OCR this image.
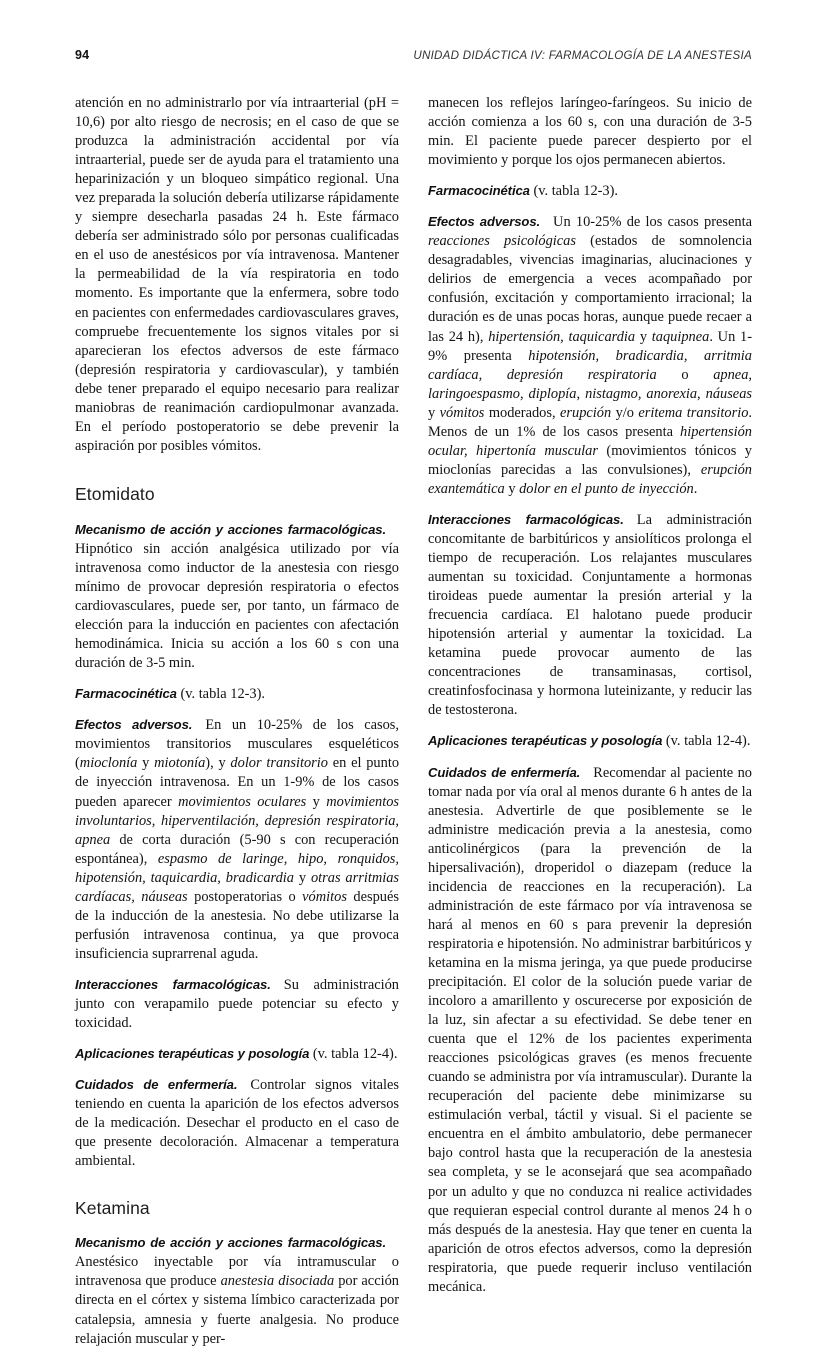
94	UNIDAD DIDÁCTICA IV: FARMACOLOGÍA DE LA ANESTESIA

atención en no administrarlo por vía intraarterial (pH = 10,6) por alto riesgo de necrosis; en el caso de que se produzca la administración accidental por vía intraarterial, puede ser de ayuda para el tratamiento una heparinización y un bloqueo simpático regional. Una vez preparada la solución debería utilizarse rápidamente y siempre desecharla pasadas 24 h. Este fármaco debería ser administrado sólo por personas cualificadas en el uso de anestésicos por vía intravenosa. Mantener la permeabilidad de la vía respiratoria en todo momento. Es importante que la enfermera, sobre todo en pacientes con enfermedades cardiovasculares graves, compruebe frecuentemente los signos vitales por si aparecieran los efectos adversos de este fármaco (depresión respiratoria y cardiovascular), y también debe tener preparado el equipo necesario para realizar maniobras de reanimación cardiopulmonar avanzada. En el período postoperatorio se debe prevenir la aspiración por posibles vómitos.

Etomidato

Mecanismo de acción y acciones farmacológicas.Hipnótico sin acción analgésica utilizado por vía intravenosa como inductor de la anestesia con riesgo mínimo de provocar depresión respiratoria o efectos cardiovasculares, puede ser, por tanto, un fármaco de elección para la inducción en pacientes con afectación hemodinámica. Inicia su acción a los 60 s con una duración de 3-5 min.

Farmacocinética (v. tabla 12-3).

Efectos adversos. En un 10-25% de los casos, movimientos transitorios musculares esqueléticos (mioclonía y miotonía), y dolor transitorio en el punto de inyección intravenosa. En un 1-9% de los casos pueden aparecer movimientos oculares y movimientos involuntarios, hiperventilación, depresión respiratoria, apnea de corta duración (5-90 s con recuperación espontánea), espasmo de laringe, hipo, ronquidos, hipotensión, taquicardia, bradicardia y otras arritmias cardíacas, náuseas postoperatorias o vómitos después de la inducción de la anestesia. No debe utilizarse la perfusión intravenosa continua, ya que provoca insuficiencia suprarrenal aguda.

Interacciones farmacológicas. Su administración junto con verapamilo puede potenciar su efecto y toxicidad.

Aplicaciones terapéuticas y posología (v. tabla 12-4).

Cuidados de enfermería. Controlar signos vitales teniendo en cuenta la aparición de los efectos adversos de la medicación. Desechar el producto en el caso de que presente decoloración. Almacenar a temperatura ambiental.

Ketamina

Mecanismo de acción y acciones farmacológicas.Anestésico inyectable por vía intramuscular o intravenosa que produce anestesia disociada por acción directa en el córtex y sistema límbico caracterizada por catalepsia, amnesia y fuerte analgesia. No produce relajación muscular y per-

manecen los reflejos laríngeo-faríngeos. Su inicio de acción comienza a los 60 s, con una duración de 3-5 min. El paciente puede parecer despierto por el movimiento y porque los ojos permanecen abiertos.

Farmacocinética (v. tabla 12-3).

Efectos adversos. Un 10-25% de los casos presenta reacciones psicológicas (estados de somnolencia desagradables, vivencias imaginarias, alucinaciones y delirios de emergencia a veces acompañado por confusión, excitación y comportamiento irracional; la duración es de unas pocas horas, aunque puede recaer a las 24 h), hipertensión, taquicardia y taquipnea. Un 1-9% presenta hipotensión, bradicardia, arritmia cardíaca, depresión respiratoria o apnea, laringoespasmo, diplopía, nistagmo, anorexia, náuseas y vómitos moderados, erupción y/o eritema transitorio. Menos de un 1% de los casos presenta hipertensión ocular, hipertonía muscular (movimientos tónicos y mioclonías parecidas a las convulsiones), erupción exantemática y dolor en el punto de inyección.

Interacciones farmacológicas. La administración concomitante de barbitúricos y ansiolíticos prolonga el tiempo de recuperación. Los relajantes musculares aumentan su toxicidad. Conjuntamente a hormonas tiroideas puede aumentar la presión arterial y la frecuencia cardíaca. El halotano puede producir hipotensión arterial y aumentar la toxicidad. La ketamina puede provocar aumento de las concentraciones de transaminasas, cortisol, creatinfosfocinasa y hormona luteinizante, y reducir las de testosterona.

Aplicaciones terapéuticas y posología (v. tabla 12-4).

Cuidados de enfermería. Recomendar al paciente no tomar nada por vía oral al menos durante 6 h antes de la anestesia. Advertirle de que posiblemente se le administre medicación previa a la anestesia, como anticolinérgicos (para la prevención de la hipersalivación), droperidol o diazepam (reduce la incidencia de reacciones en la recuperación). La administración de este fármaco por vía intravenosa se hará al menos en 60 s para prevenir la depresión respiratoria e hipotensión. No administrar barbitúricos y ketamina en la misma jeringa, ya que puede producirse precipitación. El color de la solución puede variar de incoloro a amarillento y oscurecerse por exposición de la luz, sin afectar a su efectividad. Se debe tener en cuenta que el 12% de los pacientes experimenta reacciones psicológicas graves (es menos frecuente cuando se administra por vía intramuscular). Durante la recuperación del paciente debe minimizarse su estimulación verbal, táctil y visual. Si el paciente se encuentra en el ámbito ambulatorio, debe permanecer bajo control hasta que la recuperación de la anestesia sea completa, y se le aconsejará que sea acompañado por un adulto y que no conduzca ni realice actividades que requieran especial control durante al menos 24 h o más después de la anestesia. Hay que tener en cuenta la aparición de otros efectos adversos, como la depresión respiratoria, que puede requerir incluso ventilación mecánica.
